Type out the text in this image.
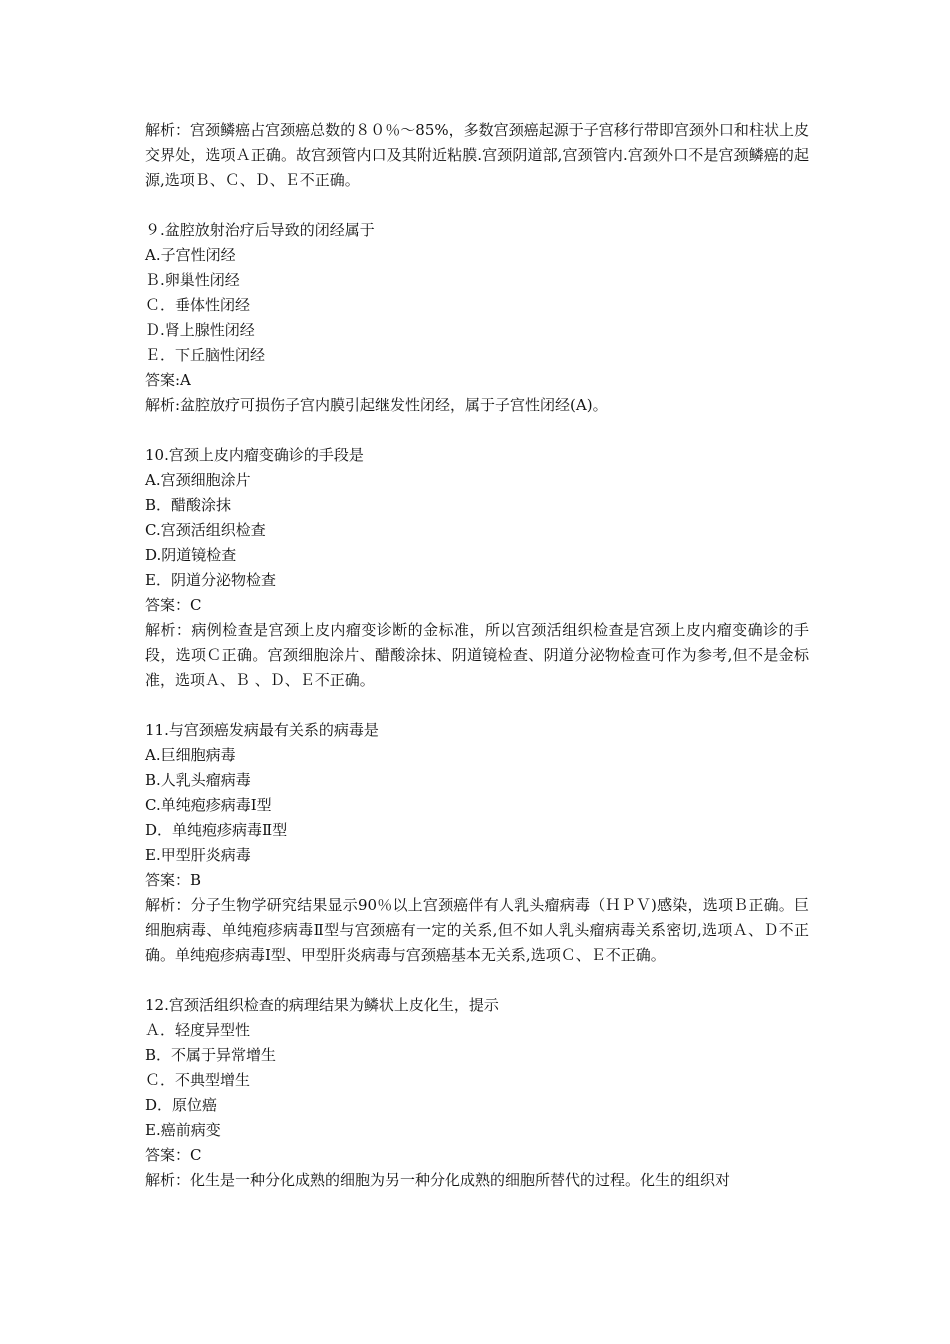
解析：宫颈鳞癌占宫颈癌总数的８０％～85%，多数宫颈癌起源于子宫移行带即宫颈外口和柱状上皮交界处，选项Ａ正确。故宫颈管内口及其附近粘膜.宫颈阴道部,宫颈管内.宫颈外口不是宫颈鳞癌的起源,选项Ｂ、Ｃ、Ｄ、Ｅ不正确。

９.盆腔放射治疗后导致的闭经属于

A.子宫性闭经

Ｂ.卵巢性闭经

Ｃ．垂体性闭经

Ｄ.肾上腺性闭经

Ｅ．下丘脑性闭经

答案:A

解析:盆腔放疗可损伤子宫内膜引起继发性闭经，属于子宫性闭经(A)。

10.宫颈上皮内瘤变确诊的手段是

A.宫颈细胞涂片

B．醋酸涂抹

C.宫颈活组织检查

D.阴道镜检查

E．阴道分泌物检查

答案：C

解析：病例检查是宫颈上皮内瘤变诊断的金标准，所以宫颈活组织检查是宫颈上皮内瘤变确诊的手段，选项Ｃ正确。宫颈细胞涂片、醋酸涂抹、阴道镜检查、阴道分泌物检查可作为参考,但不是金标准，选项Ａ、Ｂ 、Ｄ、Ｅ不正确。

11.与宫颈癌发病最有关系的病毒是

A.巨细胞病毒

B.人乳头瘤病毒

C.单纯疱疹病毒Ⅰ型

D．单纯疱疹病毒Ⅱ型

E.甲型肝炎病毒

答案：B

解析：分子生物学研究结果显示90％以上宫颈癌伴有人乳头瘤病毒（ＨＰＶ)感染，选项Ｂ正确。巨细胞病毒、单纯疱疹病毒Ⅱ型与宫颈癌有一定的关系,但不如人乳头瘤病毒关系密切,选项Ａ、Ｄ不正确。单纯疱疹病毒Ⅰ型、甲型肝炎病毒与宫颈癌基本无关系,选项Ｃ、Ｅ不正确。

12.宫颈活组织检查的病理结果为鳞状上皮化生，提示

Ａ．轻度异型性

B．不属于异常增生

Ｃ．不典型增生

D．原位癌

E.癌前病变

答案：C

解析：化生是一种分化成熟的细胞为另一种分化成熟的细胞所替代的过程。化生的组织对
